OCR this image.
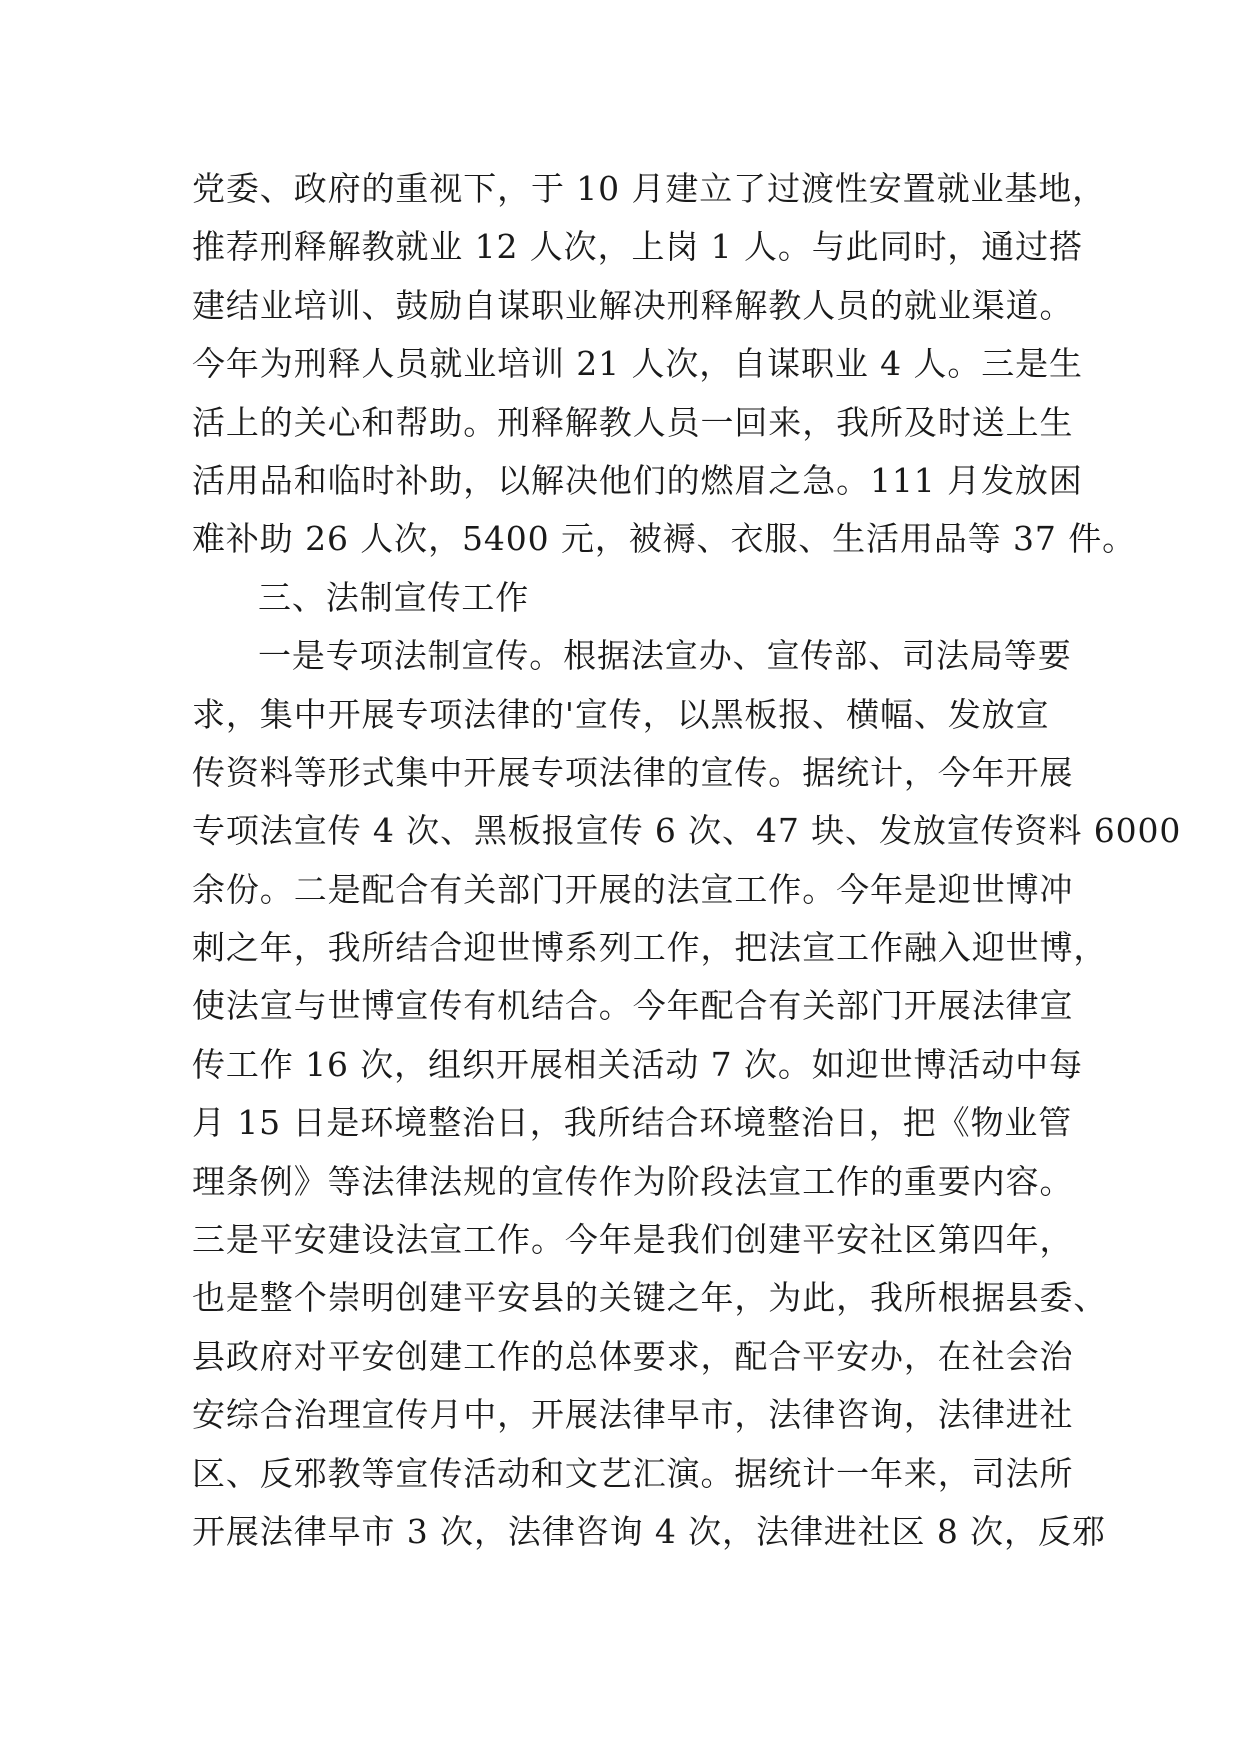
党委、政府的重视下，于 10 月建立了过渡性安置就业基地，
推荐刑释解教就业 12 人次，上岗 1 人。与此同时，通过搭
建结业培训、鼓励自谋职业解决刑释解教人员的就业渠道。
今年为刑释人员就业培训 21 人次，自谋职业 4 人。三是生
活上的关心和帮助。刑释解教人员一回来，我所及时送上生
活用品和临时补助，以解决他们的燃眉之急。111 月发放困
难补助 26 人次，5400 元，被褥、衣服、生活用品等 37 件。
三、法制宣传工作
一是专项法制宣传。根据法宣办、宣传部、司法局等要
求，集中开展专项法律的'宣传，以黑板报、横幅、发放宣
传资料等形式集中开展专项法律的宣传。据统计，今年开展
专项法宣传 4 次、黑板报宣传 6 次、47 块、发放宣传资料 6000
余份。二是配合有关部门开展的法宣工作。今年是迎世博冲
刺之年，我所结合迎世博系列工作，把法宣工作融入迎世博，
使法宣与世博宣传有机结合。今年配合有关部门开展法律宣
传工作 16 次，组织开展相关活动 7 次。如迎世博活动中每
月 15 日是环境整治日，我所结合环境整治日，把《物业管
理条例》等法律法规的宣传作为阶段法宣工作的重要内容。
三是平安建设法宣工作。今年是我们创建平安社区第四年，
也是整个崇明创建平安县的关键之年，为此，我所根据县委、
县政府对平安创建工作的总体要求，配合平安办，在社会治
安综合治理宣传月中，开展法律早市，法律咨询，法律进社
区、反邪教等宣传活动和文艺汇演。据统计一年来，司法所
开展法律早市 3 次，法律咨询 4 次，法律进社区 8 次，反邪
